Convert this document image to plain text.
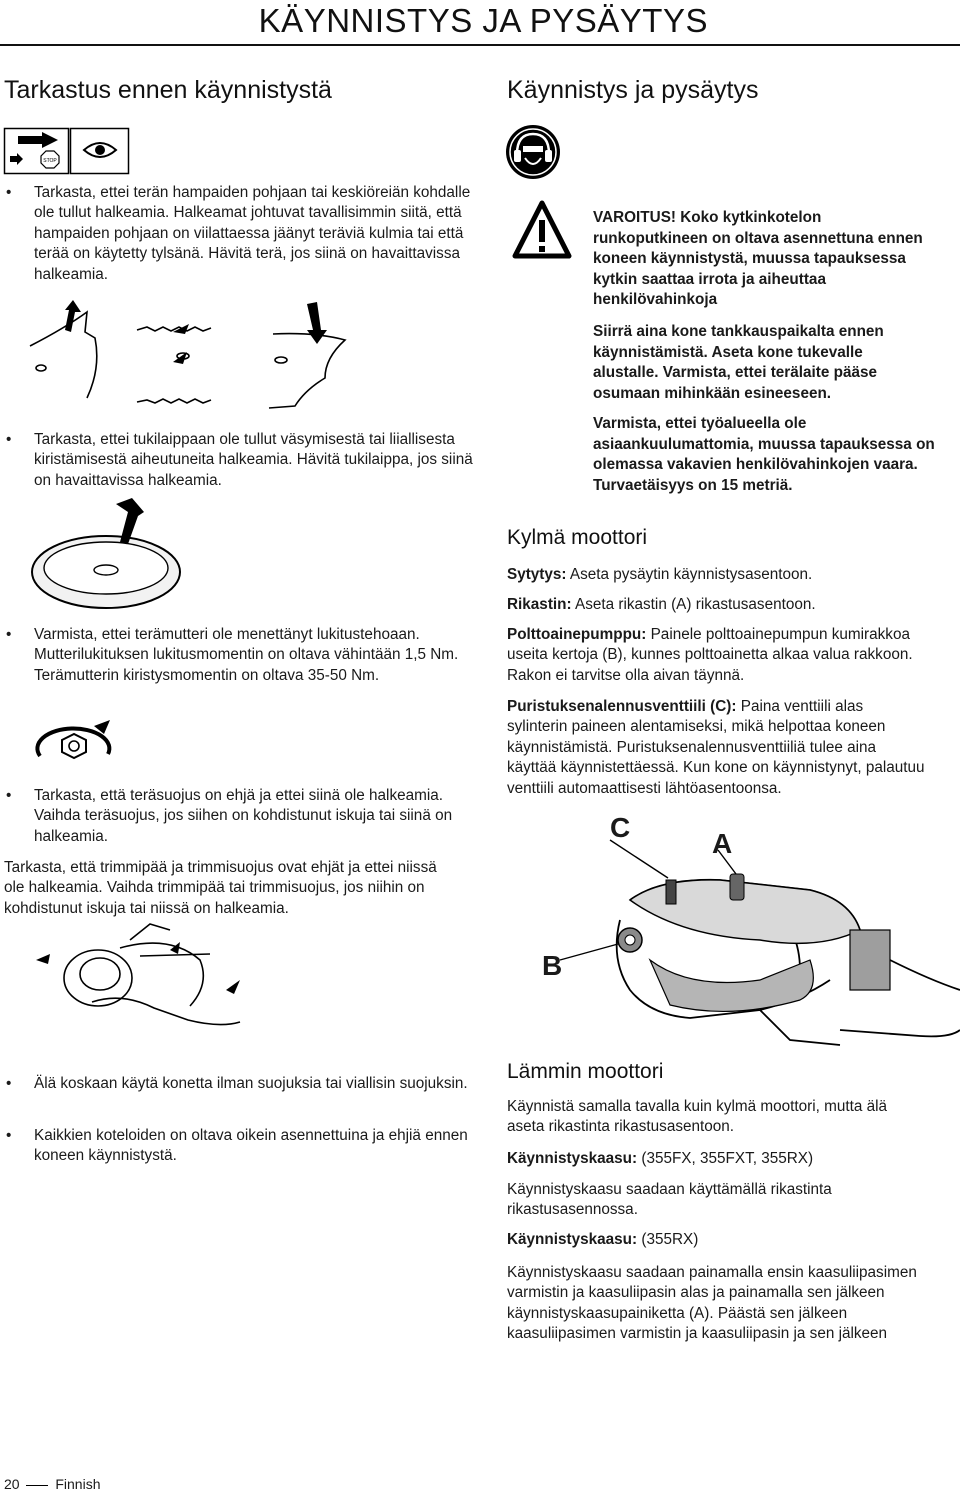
KÄYNNISTYS JA PYSÄYTYS
Tarkastus ennen käynnistystä
STOP
• Tarkasta, ettei terän hampaiden pohjaan tai keskiöreiän kohdalle ole tullut halkeamia. Halkeamat johtuvat tavallisimmin siitä, että hampaiden pohjaan on viilattaessa jäänyt teräviä kulmia tai että terää on käytetty tylsänä. Hävitä terä, jos siinä on havaittavissa halkeamia.
• Tarkasta, ettei tukilaippaan ole tullut väsymisestä tai liiallisesta kiristämisestä aiheutuneita halkeamia. Hävitä tukilaippa, jos siinä on havaittavissa halkeamia.
• Varmista, ettei terämutteri ole menettänyt lukitustehoaan. Mutterilukituksen lukitusmomentin on oltava vähintään 1,5 Nm. Terämutterin kiristysmomentin on oltava 35-50 Nm.
• Tarkasta, että teräsuojus on ehjä ja ettei siinä ole halkeamia. Vaihda teräsuojus, jos siihen on kohdistunut iskuja tai siinä on halkeamia.
Tarkasta, että trimmipää ja trimmisuojus ovat ehjät ja ettei niissä ole halkeamia. Vaihda trimmipää tai trimmisuojus, jos niihin on kohdistunut iskuja tai niissä on halkeamia.
• Älä koskaan käytä konetta ilman suojuksia tai viallisin suojuksin.
• Kaikkien koteloiden on oltava oikein asennettuina ja ehjiä ennen koneen käynnistystä.
20	Finnish
Käynnistys ja pysäytys
VAROITUS! Koko kytkinkotelon runkoputkineen on oltava asennettuna ennen koneen käynnistystä, muussa tapauksessa kytkin saattaa irrota ja aiheuttaa henkilövahinkoja
Siirrä aina kone tankkauspaikalta ennen käynnistämistä. Aseta kone tukevalle alustalle. Varmista, ettei terälaite pääse osumaan mihinkään esineeseen.
Varmista, ettei työalueella ole asiaankuulumattomia, muussa tapauksessa on olemassa vakavien henkilövahinkojen vaara. Turvaetäisyys on 15 metriä.
Kylmä moottori
Sytytys: Aseta pysäytin käynnistysasentoon.
Rikastin: Aseta rikastin (A) rikastusasentoon.
Polttoainepumppu: Painele polttoainepumpun kumirakkoa useita kertoja (B), kunnes polttoainetta alkaa valua rakkoon. Rakon ei tarvitse olla aivan täynnä.
Puristuksenalennusventtiili (C): Paina venttiili alas sylinterin paineen alentamiseksi, mikä helpottaa koneen käynnistämistä. Puristuksenalennusventtiiliä tulee aina käyttää käynnistettäessä. Kun kone on käynnistynyt, palautuu venttiili automaattisesti lähtöasentoonsa.
C
A
B
Lämmin moottori
Käynnistä samalla tavalla kuin kylmä moottori, mutta älä aseta rikastinta rikastusasentoon.
Käynnistyskaasu: (355FX, 355FXT, 355RX)
Käynnistyskaasu saadaan käyttämällä rikastinta rikastusasennossa.
Käynnistyskaasu: (355RX)
Käynnistyskaasu saadaan painamalla ensin kaasuliipasimen varmistin ja kaasuliipasin alas ja painamalla sen jälkeen käynnistyskaasupainiketta (A). Päästä sen jälkeen kaasuliipasimen varmistin ja kaasuliipasin ja sen jälkeen
